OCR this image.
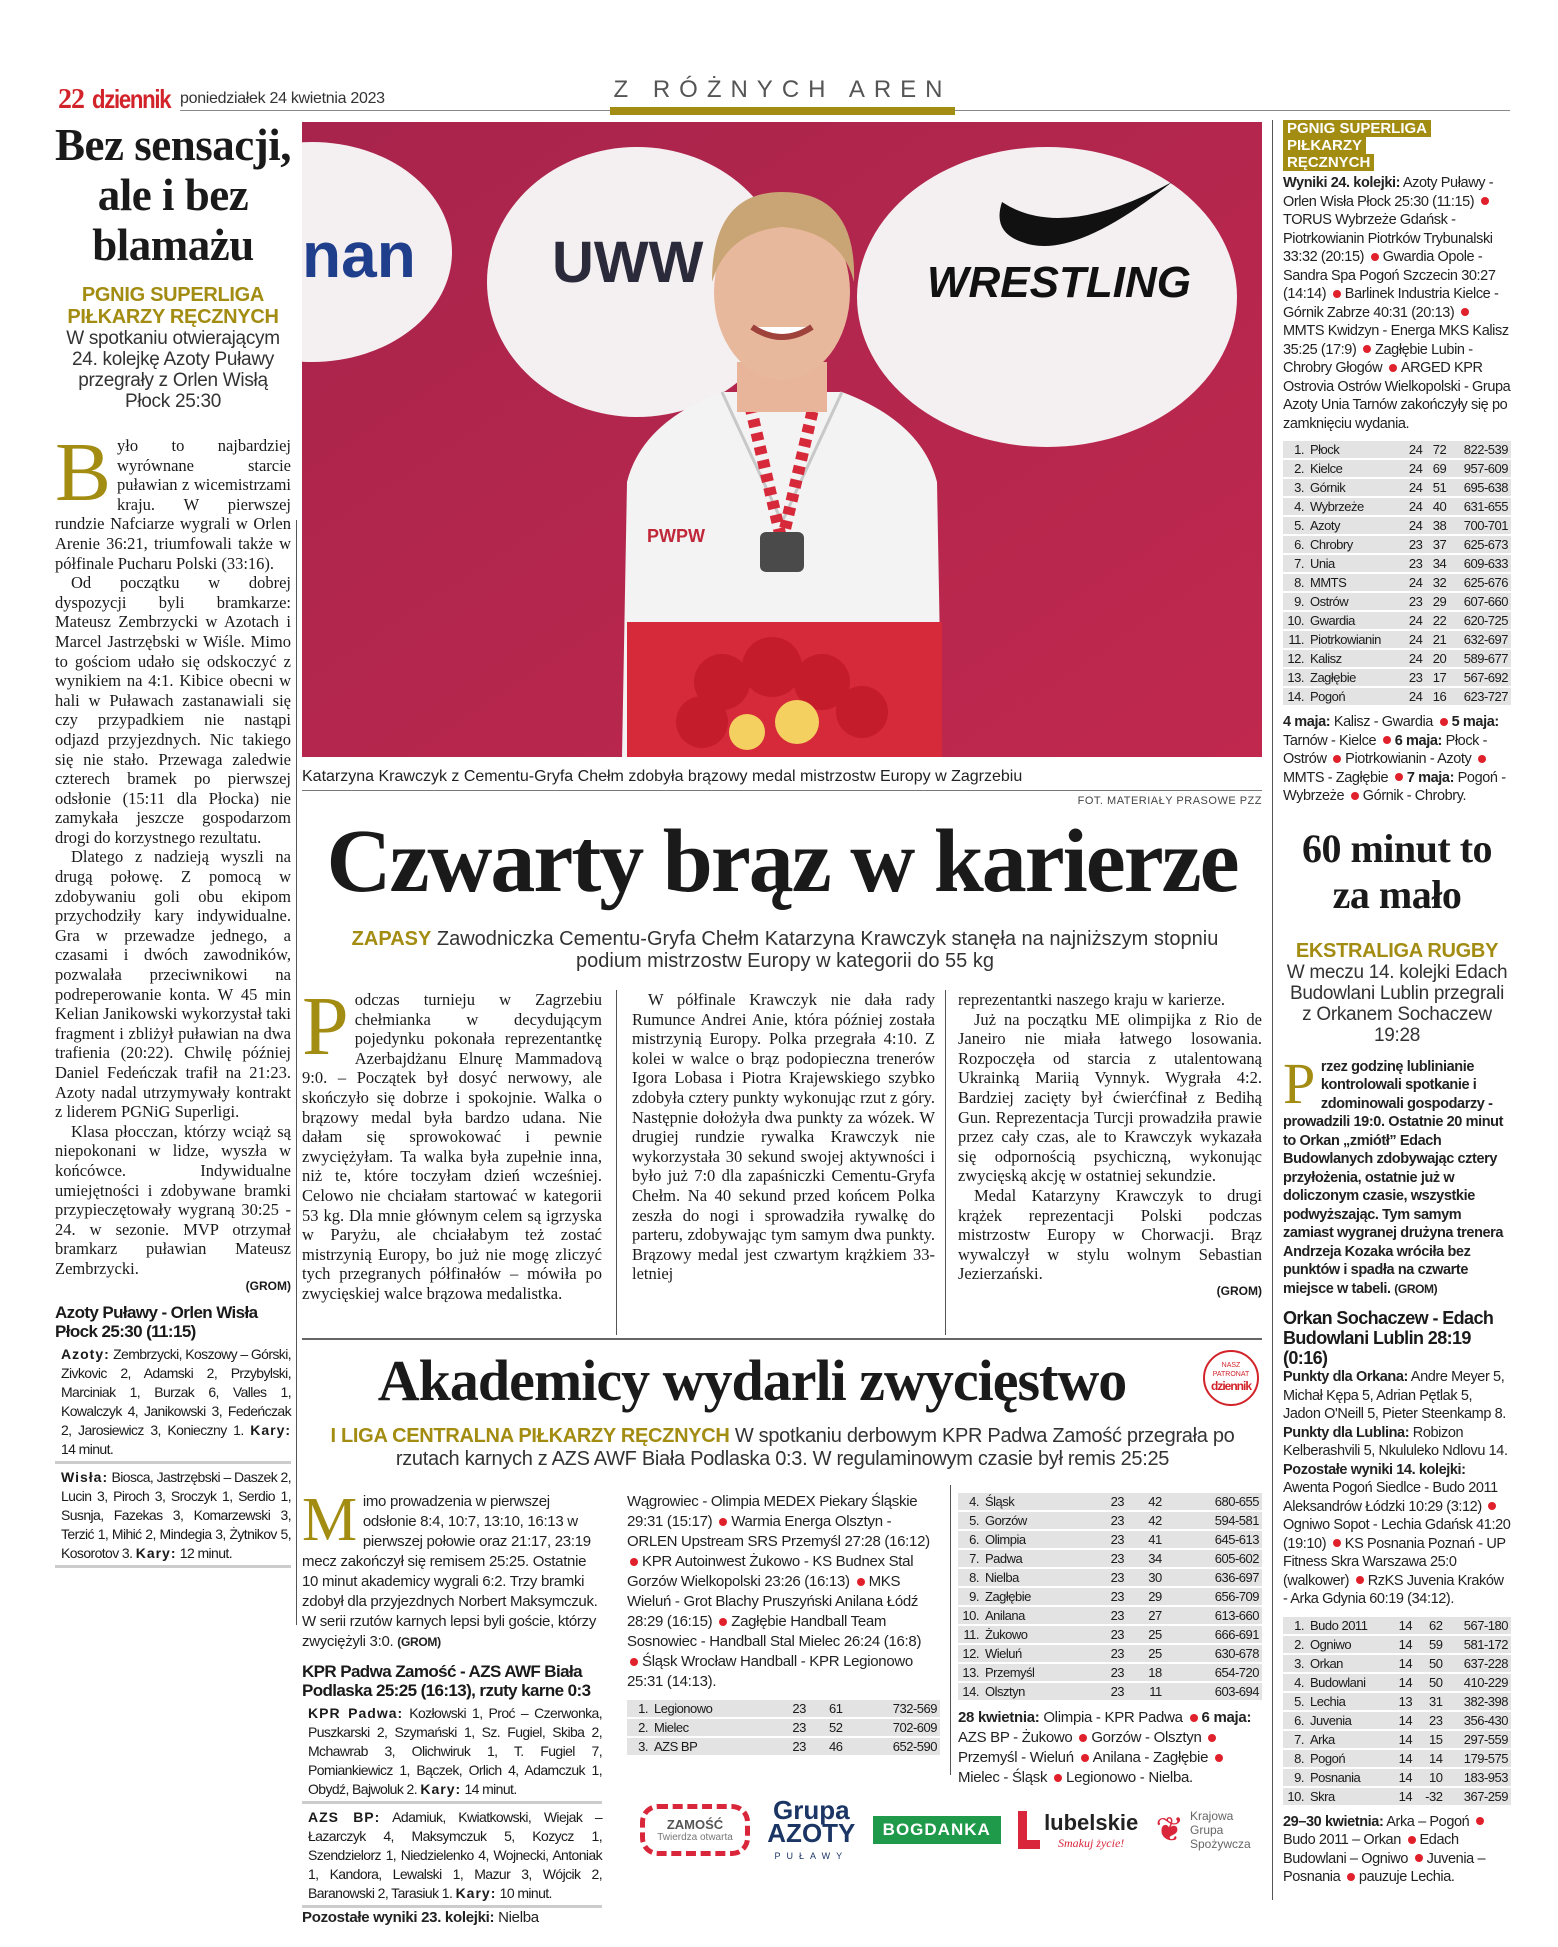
22 dziennik poniedziałek 24 kwietnia 2023	Z RÓŻNYCH AREN
Bez sensacji, ale i bez blamażu
PGNIG SUPERLIGA PIŁKARZY RĘCZNYCH
W spotkaniu otwierającym 24. kolejkę Azoty Puławy przegrały z Orlen Wisłą Płock 25:30

Było to najbardziej wyrównane starcie puławian z wicemistrzami kraju. W pierwszej rundzie Nafciarze wygrali w Orlen Arenie 36:21, triumfowali także w półfinale Pucharu Polski (33:16).

Od początku w dobrej dyspozycji byli bramkarze: Mateusz Zembrzycki w Azotach i Marcel Jastrzębski w Wiśle. Mimo to gościom udało się odskoczyć z wynikiem na 4:1. Kibice obecni w hali w Puławach zastanawiali się czy przypadkiem nie nastąpi odjazd przyjezdnych. Nic takiego się nie stało. Przewaga zaledwie czterech bramek po pierwszej odsłonie (15:11 dla Płocka) nie zamykała jeszcze gospodarzom drogi do korzystnego rezultatu.

Dlatego z nadzieją wyszli na drugą połowę. Z pomocą w zdobywaniu goli obu ekipom przychodziły kary indywidualne. Gra w przewadze jednego, a czasami i dwóch zawodników, pozwalała przeciwnikowi na podreperowanie konta. W 45 min Kelian Janikowski wykorzystał taki fragment i zbliżył puławian na dwa trafienia (20:22). Chwilę później Daniel Fedeńczak trafił na 21:23. Azoty nadal utrzymywały kontrakt z liderem PGNiG Superligi.

Klasa płocczan, którzy wciąż są niepokonani w lidze, wyszła w końcówce. Indywidualne umiejętności i zdobywane bramki przypieczętowały wygraną 30:25 - 24. w sezonie. MVP otrzymał bramkarz puławian Mateusz Zembrzycki.

(GROM)
Azoty Puławy - Orlen Wisła Płock 25:30 (11:15)
Azoty: Zembrzycki, Koszowy – Górski, Zivkovic 2, Adamski 2, Przybylski, Marciniak 1, Burzak 6, Valles 1, Kowalczyk 4, Janikowski 3, Fedeńczak 2, Jarosiewicz 3, Konieczny 1. Kary: 14 minut.
Wisła: Biosca, Jastrzębski – Daszek 2, Lucin 3, Piroch 3, Sroczyk 1, Serdio 1, Susnja, Fazekas 3, Komarzewski 3, Terzić 1, Mihić 2, Mindegia 3, Żytnikov 5, Kosorotov 3. Kary: 12 minut.
nan UWW	WRESTLING
PWPW
Katarzyna Krawczyk z Cementu-Gryfa Chełm zdobyła brązowy medal mistrzostw Europy w Zagrzebiu
FOT. MATERIAŁY PRASOWE PZZ
Czwarty brąz w karierze
ZAPASY Zawodniczka Cementu-Gryfa Chełm Katarzyna Krawczyk stanęła na najniższym stopniu podium mistrzostw Europy w kategorii do 55 kg

Podczas turnieju w Zagrzebiu chełmianka w decydującym pojedynku pokonała reprezentantkę Azerbajdżanu Elnurę Mammadovą 9:0. – Początek był dosyć nerwowy, ale skończyło się dobrze i spokojnie. Walka o brązowy medal była bardzo udana. Nie dałam się sprowokować i pewnie zwyciężyłam. Ta walka była zupełnie inna, niż te, które toczyłam dzień wcześniej. Celowo nie chciałam startować w kategorii 53 kg. Dla mnie głównym celem są igrzyska w Paryżu, ale chciałabym też zostać mistrzynią Europy, bo już nie mogę zliczyć tych przegranych półfinałów – mówiła po zwycięskiej walce brązowa medalistka.

W półfinale Krawczyk nie dała rady Rumunce Andrei Anie, która później została mistrzynią Europy. Polka przegrała 4:10. Z kolei w walce o brąz podopieczna trenerów Igora Lobasa i Piotra Krajewskiego szybko zdobyła cztery punkty wykonując rzut z góry. Następnie dołożyła dwa punkty za wózek. W drugiej rundzie rywalka Krawczyk nie wykorzystała 30 sekund swojej aktywności i było już 7:0 dla zapaśniczki Cementu-Gryfa Chełm. Na 40 sekund przed końcem Polka zeszła do nogi i sprowadziła rywalkę do parteru, zdobywając tym samym dwa punkty. Brązowy medal jest czwartym krążkiem 33-letniej

reprezentantki naszego kraju w karierze.

Już na początku ME olimpijka z Rio de Janeiro nie miała łatwego losowania. Rozpoczęła od starcia z utalentowaną Ukrainką Mariią Vynnyk. Wygrała 4:2. Bardziej zacięty był ćwierćfinał z Bedihą Gun. Reprezentacja Turcji prowadziła prawie przez cały czas, ale to Krawczyk wykazała się odpornością psychiczną, wykonując zwycięską akcję w ostatniej sekundzie.

Medal Katarzyny Krawczyk to drugi krążek reprezentacji Polski podczas mistrzostw Europy w Chorwacji. Brąz wywalczył w stylu wolnym Sebastian Jezierzański.

(GROM)
Akademicy wydarli zwycięstwo	NASZ PATRONAT
dziennik
I LIGA CENTRALNA PIŁKARZY RĘCZNYCH W spotkaniu derbowym KPR Padwa Zamość przegrała po rzutach karnych z AZS AWF Biała Podlaska 0:3. W regulaminowym czasie był remis 25:25
Mimo prowadzenia w pierwszej odsłonie 8:4, 10:7, 13:10, 16:13 w pierwszej połowie oraz 21:17, 23:19 mecz zakończył się remisem 25:25. Ostatnie 10 minut akademicy wygrali 6:2. Trzy bramki zdobył dla przyjezdnych Norbert Maksymczuk. W serii rzutów karnych lepsi byli goście, którzy zwyciężyli 3:0. (GROM)
KPR Padwa Zamość - AZS AWF Biała Podlaska 25:25 (16:13), rzuty karne 0:3
KPR Padwa: Kozłowski 1, Proć – Czerwonka, Puszkarski 2, Szymański 1, Sz. Fugiel, Skiba 2, Mchawrab 3, Olichwiruk 1, T. Fugiel 7, Pomiankiewicz 1, Bączek, Orlich 4, Adamczuk 1, Obydź, Bajwoluk 2. Kary: 14 minut.
AZS BP: Adamiuk, Kwiatkowski, Wiejak – Łazarczyk 4, Maksymczuk 5, Kozycz 1, Szendzielorz 1, Niedzielenko 4, Wojnecki, Antoniak 1, Kandora, Lewalski 1, Mazur 3, Wójcik 2, Baranowski 2, Tarasiuk 1. Kary: 10 minut.
Pozostałe wyniki 23. kolejki: Nielba
Wągrowiec - Olimpia MEDEX Piekary Śląskie 29:31 (15:17) Warmia Energa Olsztyn - ORLEN Upstream SRS Przemyśl 27:28 (16:12) KPR Autoinwest Żukowo - KS Budnex Stal Gorzów Wielkopolski 23:26 (16:13) MKS Wieluń - Grot Blachy Pruszyński Anilana Łódź 28:29 (16:15) Zagłębie Handball Team Sosnowiec - Handball Stal Mielec 26:24 (16:8) Śląsk Wrocław Handball - KPR Legionowo 25:31 (14:13).
1.	Legionowo	23	61	732-569
2.	Mielec	23	52	702-609
3.	AZS BP	23	46	652-590
4.	Śląsk	23	42	680-655
5.	Gorzów	23	42	594-581
6.	Olimpia	23	41	645-613
7.	Padwa	23	34	605-602
8.	Nielba	23	30	636-697
9.	Zagłębie	23	29	656-709
10.	Anilana	23	27	613-660
11.	Żukowo	23	25	666-691
12.	Wieluń	23	25	630-678
13.	Przemyśl	23	18	654-720
14.	Olsztyn	23	11	603-694
28 kwietnia: Olimpia - KPR Padwa 6 maja: AZS BP - Żukowo Gorzów - Olsztyn Przemyśl - Wieluń Anilana - Zagłębie Mielec - Śląsk Legionowo - Nielba.
ZAMOŚĆ
Twierdza otwarta
Grupa
AZOTY
PUŁAWY
BOGDANKA	lubelskie
Smakuj życie! ❦ Krajowa Grupa Spożywcza
PGNIG SUPERLIGA PIŁKARZY RĘCZNYCH
Wyniki 24. kolejki: Azoty Puławy - Orlen Wisła Płock 25:30 (11:15) TORUS Wybrzeże Gdańsk - Piotrkowianin Piotrków Trybunalski 33:32 (20:15) Gwardia Opole - Sandra Spa Pogoń Szczecin 30:27 (14:14) Barlinek Industria Kielce - Górnik Zabrze 40:31 (20:13) MMTS Kwidzyn - Energa MKS Kalisz 35:25 (17:9) Zagłębie Lubin - Chrobry Głogów ARGED KPR Ostrovia Ostrów Wielkopolski - Grupa Azoty Unia Tarnów zakończyły się po zamknięciu wydania.
1.	Płock	24	72	822-539
2.	Kielce	24	69	957-609
3.	Górnik	24	51	695-638
4.	Wybrzeże	24	40	631-655
5.	Azoty	24	38	700-701
6.	Chrobry	23	37	625-673
7.	Unia	23	34	609-633
8.	MMTS	24	32	625-676
9.	Ostrów	23	29	607-660
10.	Gwardia	24	22	620-725
11.	Piotrkowianin	24	21	632-697
12.	Kalisz	24	20	589-677
13.	Zagłębie	23	17	567-692
14.	Pogoń	24	16	623-727
4 maja: Kalisz - Gwardia 5 maja: Tarnów - Kielce 6 maja: Płock - Ostrów Piotrkowianin - Azoty MMTS - Zagłębie 7 maja: Pogoń - Wybrzeże Górnik - Chrobry.
60 minut to za mało
EKSTRALIGA RUGBY
W meczu 14. kolejki Edach Budowlani Lublin przegrali z Orkanem Sochaczew 19:28
Przez godzinę lublinianie kontrolowali spotkanie i zdominowali gospodarzy - prowadzili 19:0. Ostatnie 20 minut to Orkan „zmiótł” Edach Budowlanych zdobywając cztery przyłożenia, ostatnie już w doliczonym czasie, wszystkie podwyższając. Tym samym zamiast wygranej drużyna trenera Andrzeja Kozaka wróciła bez punktów i spadła na czwarte miejsce w tabeli. (GROM)
Orkan Sochaczew - Edach Budowlani Lublin 28:19 (0:16)
Punkty dla Orkana: Andre Meyer 5, Michał Kępa 5, Adrian Pętlak 5, Jadon O'Neill 5, Pieter Steenkamp 8.
Punkty dla Lublina: Robizon Kelberashvili 5, Nkululeko Ndlovu 14.
Pozostałe wyniki 14. kolejki: Awenta Pogoń Siedlce - Budo 2011 Aleksandrów Łódzki 10:29 (3:12) Ogniwo Sopot - Lechia Gdańsk 41:20 (19:10) KS Posnania Poznań - UP Fitness Skra Warszawa 25:0 (walkower) RzKS Juvenia Kraków - Arka Gdynia 60:19 (34:12).
1.	Budo 2011	14	62	567-180
2.	Ogniwo	14	59	581-172
3.	Orkan	14	50	637-228
4.	Budowlani	14	50	410-229
5.	Lechia	13	31	382-398
6.	Juvenia	14	23	356-430
7.	Arka	14	15	297-559
8.	Pogoń	14	14	179-575
9.	Posnania	14	10	183-953
10.	Skra	14	-32	367-259
29–30 kwietnia: Arka – Pogoń Budo 2011 – Orkan Edach Budowlani – Ogniwo Juvenia – Posnania pauzuje Lechia.
